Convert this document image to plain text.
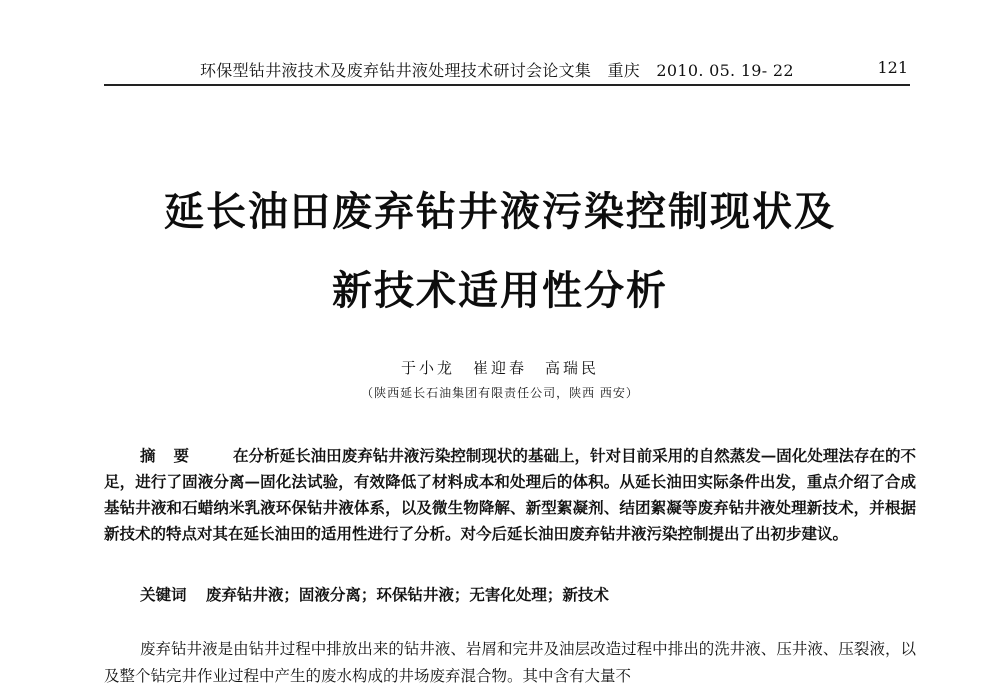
环保型钻井液技术及废弃钻井液处理技术研讨会论文集　重庆　2010. 05. 19- 22	121
延长油田废弃钻井液污染控制现状及
新技术适用性分析
于小龙　崔迎春　高瑞民
（陕西延长石油集团有限责任公司，陕西 西安）

摘要 在分析延长油田废弃钻井液污染控制现状的基础上，针对目前采用的自然蒸发—固化处理法存在的不足，进行了固液分离—固化法试验，有效降低了材料成本和处理后的体积。从延长油田实际条件出发，重点介绍了合成基钻井液和石蜡纳米乳液环保钻井液体系，以及微生物降解、新型絮凝剂、结团絮凝等废弃钻井液处理新技术，并根据新技术的特点对其在延长油田的适用性进行了分析。对今后延长油田废弃钻井液污染控制提出了出初步建议。

关键词 废弃钻井液；固液分离；环保钻井液；无害化处理；新技术

废弃钻井液是由钻井过程中排放出来的钻井液、岩屑和完井及油层改造过程中排出的洗井液、压井液、压裂液，以及整个钻完井作业过程中产生的废水构成的井场废弃混合物。其中含有大量不
